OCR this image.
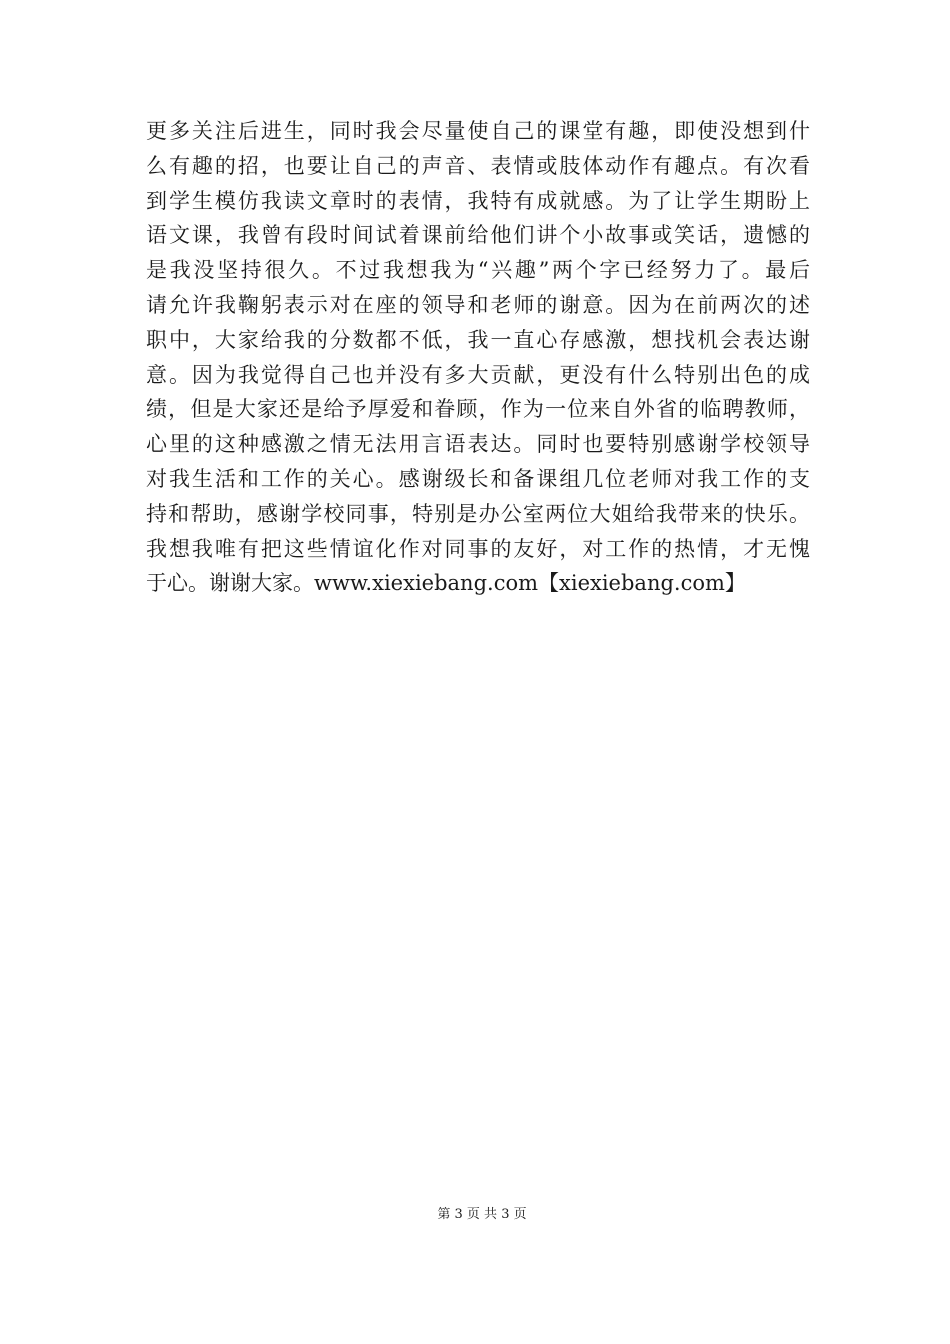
更多关注后进生，同时我会尽量使自己的课堂有趣，即使没想到什
么有趣的招，也要让自己的声音、表情或肢体动作有趣点。有次看
到学生模仿我读文章时的表情，我特有成就感。为了让学生期盼上
语文课，我曾有段时间试着课前给他们讲个小故事或笑话，遗憾的
是我没坚持很久。不过我想我为“兴趣”两个字已经努力了。最后
请允许我鞠躬表示对在座的领导和老师的谢意。因为在前两次的述
职中，大家给我的分数都不低，我一直心存感激，想找机会表达谢
意。因为我觉得自己也并没有多大贡献，更没有什么特别出色的成
绩，但是大家还是给予厚爱和眷顾，作为一位来自外省的临聘教师，
心里的这种感激之情无法用言语表达。同时也要特别感谢学校领导
对我生活和工作的关心。感谢级长和备课组几位老师对我工作的支
持和帮助，感谢学校同事，特别是办公室两位大姐给我带来的快乐。
我想我唯有把这些情谊化作对同事的友好，对工作的热情，才无愧
于心。谢谢大家。www.xiexiebang.com【xiexiebang.com】
第 3 页 共 3 页
